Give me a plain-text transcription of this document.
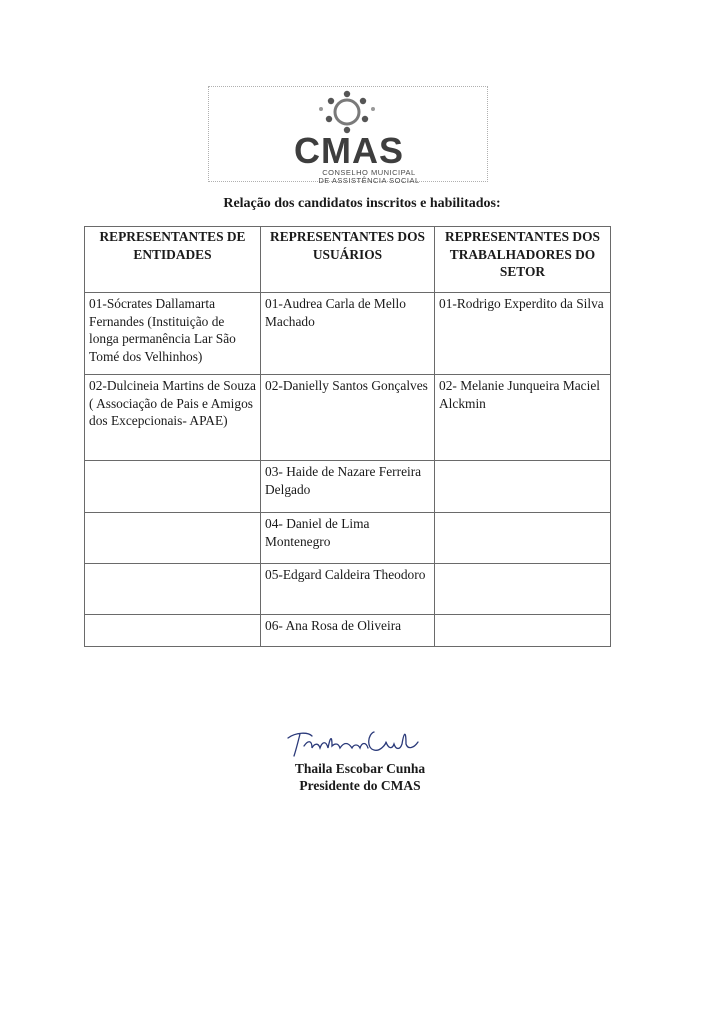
CMAS
CONSELHO MUNICIPAL
DE ASSISTÊNCIA SOCIAL
Relação dos candidatos inscritos e habilitados:
REPRESENTANTES DE ENTIDADES	REPRESENTANTES DOS USUÁRIOS	REPRESENTANTES DOS TRABALHADORES DO SETOR
01-Sócrates Dallamarta Fernandes (Instituição de longa permanência Lar São Tomé dos Velhinhos)	01-Audrea Carla de Mello Machado	01-Rodrigo Experdito da Silva
02-Dulcineia Martins de Souza ( Associação de Pais e Amigos dos Excepcionais- APAE)	02-Danielly Santos Gonçalves	02- Melanie Junqueira Maciel Alckmin
	03- Haide de Nazare Ferreira Delgado	
	04- Daniel de Lima Montenegro	
	05-Edgard Caldeira Theodoro	
	06- Ana Rosa de Oliveira	
Thaila Escobar Cunha
Presidente do CMAS
